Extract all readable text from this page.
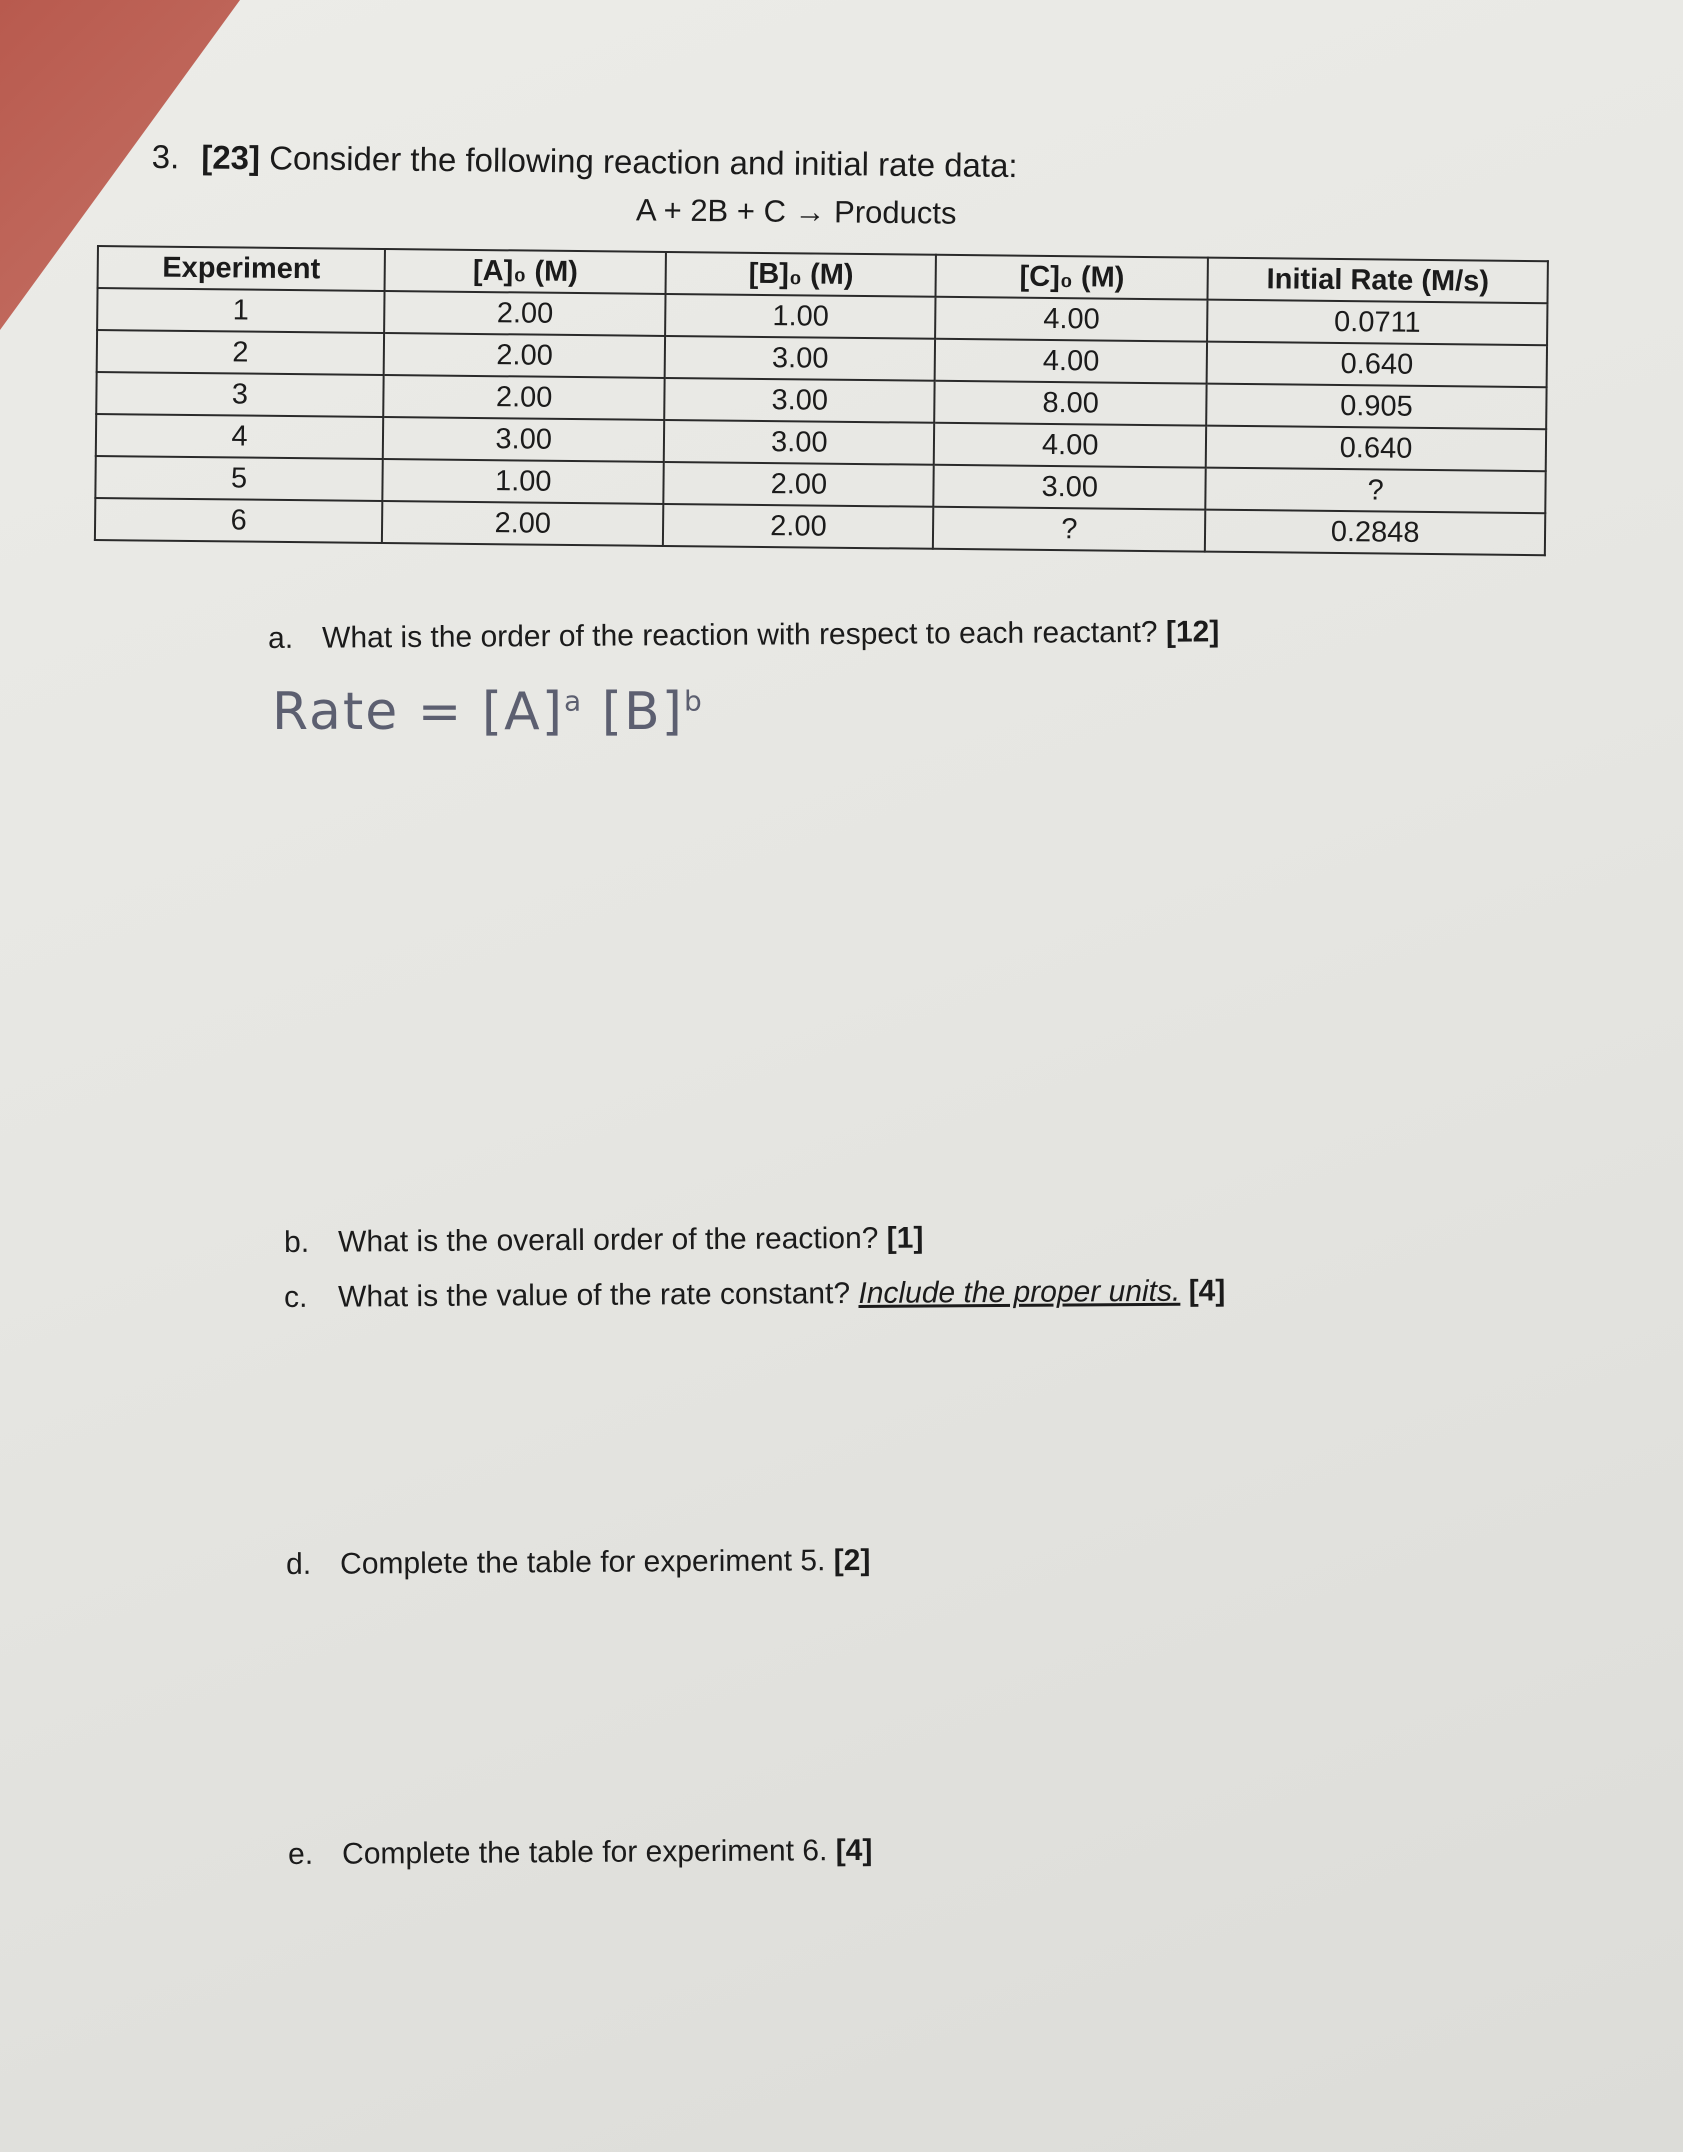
3. [23] Consider the following reaction and initial rate data:
A + 2B + C → Products
Experiment	[A]₀ (M)	[B]₀ (M)	[C]₀ (M)	Initial Rate (M/s)
1	2.00	1.00	4.00	0.0711
2	2.00	3.00	4.00	0.640
3	2.00	3.00	8.00	0.905
4	3.00	3.00	4.00	0.640
5	1.00	2.00	3.00	?
6	2.00	2.00	?	0.2848
a. What is the order of the reaction with respect to each reactant? [12]
Rate = $[A]^a$ $[B]^b$
b. What is the overall order of the reaction? [1]
c. What is the value of the rate constant? Include the proper units. [4]
d. Complete the table for experiment 5. [2]
e. Complete the table for experiment 6. [4]
